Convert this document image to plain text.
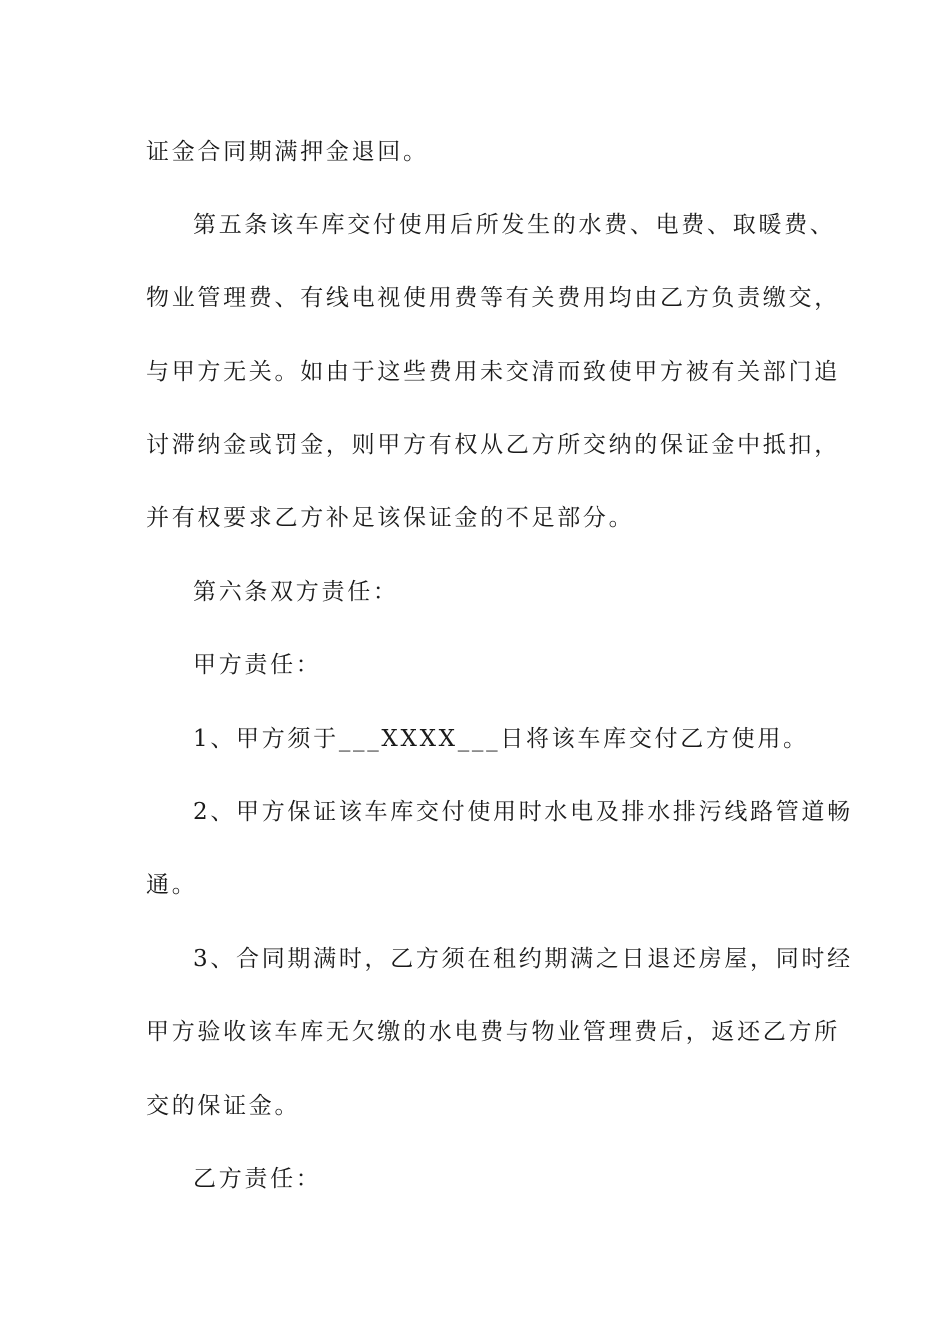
证金合同期满押金退回。
第五条该车库交付使用后所发生的水费、电费、取暖费、
物业管理费、有线电视使用费等有关费用均由乙方负责缴交，
与甲方无关。如由于这些费用未交清而致使甲方被有关部门追
讨滞纳金或罚金，则甲方有权从乙方所交纳的保证金中抵扣，
并有权要求乙方补足该保证金的不足部分。
第六条双方责任：
甲方责任：
1、甲方须于___XXXX___日将该车库交付乙方使用。
2、甲方保证该车库交付使用时水电及排水排污线路管道畅
通。
3、合同期满时，乙方须在租约期满之日退还房屋，同时经
甲方验收该车库无欠缴的水电费与物业管理费后，返还乙方所
交的保证金。
乙方责任：
